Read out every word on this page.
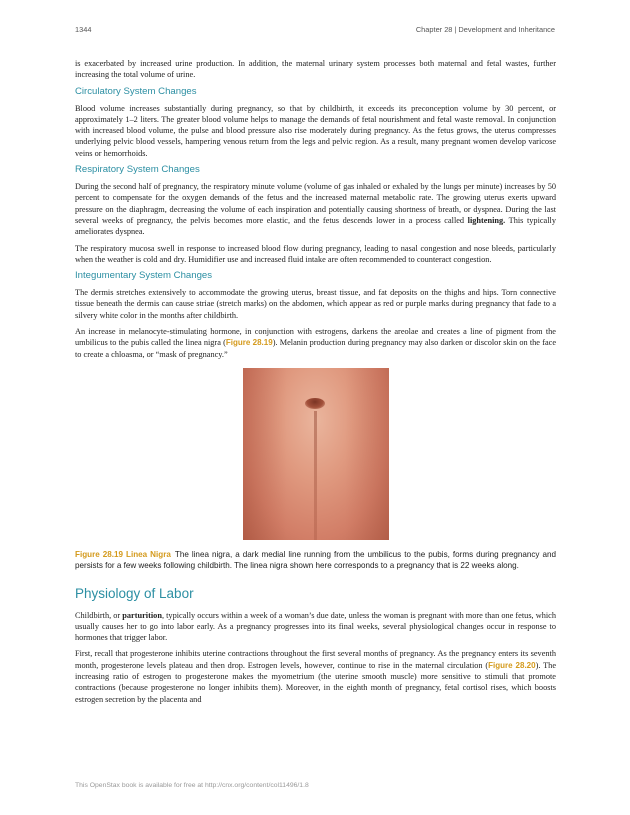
1344	Chapter 28 | Development and Inheritance

is exacerbated by increased urine production. In addition, the maternal urinary system processes both maternal and fetal wastes, further increasing the total volume of urine.

Circulatory System Changes

Blood volume increases substantially during pregnancy, so that by childbirth, it exceeds its preconception volume by 30 percent, or approximately 1–2 liters. The greater blood volume helps to manage the demands of fetal nourishment and fetal waste removal. In conjunction with increased blood volume, the pulse and blood pressure also rise moderately during pregnancy. As the fetus grows, the uterus compresses underlying pelvic blood vessels, hampering venous return from the legs and pelvic region. As a result, many pregnant women develop varicose veins or hemorrhoids.

Respiratory System Changes

During the second half of pregnancy, the respiratory minute volume (volume of gas inhaled or exhaled by the lungs per minute) increases by 50 percent to compensate for the oxygen demands of the fetus and the increased maternal metabolic rate. The growing uterus exerts upward pressure on the diaphragm, decreasing the volume of each inspiration and potentially causing shortness of breath, or dyspnea. During the last several weeks of pregnancy, the pelvis becomes more elastic, and the fetus descends lower in a process called lightening. This typically ameliorates dyspnea.

The respiratory mucosa swell in response to increased blood flow during pregnancy, leading to nasal congestion and nose bleeds, particularly when the weather is cold and dry. Humidifier use and increased fluid intake are often recommended to counteract congestion.

Integumentary System Changes

The dermis stretches extensively to accommodate the growing uterus, breast tissue, and fat deposits on the thighs and hips. Torn connective tissue beneath the dermis can cause striae (stretch marks) on the abdomen, which appear as red or purple marks during pregnancy that fade to a silvery white color in the months after childbirth.

An increase in melanocyte-stimulating hormone, in conjunction with estrogens, darkens the areolae and creates a line of pigment from the umbilicus to the pubis called the linea nigra (Figure 28.19). Melanin production during pregnancy may also darken or discolor skin on the face to create a chloasma, or “mask of pregnancy.”

Figure 28.19 Linea Nigra The linea nigra, a dark medial line running from the umbilicus to the pubis, forms during pregnancy and persists for a few weeks following childbirth. The linea nigra shown here corresponds to a pregnancy that is 22 weeks along.

Physiology of Labor

Childbirth, or parturition, typically occurs within a week of a woman’s due date, unless the woman is pregnant with more than one fetus, which usually causes her to go into labor early. As a pregnancy progresses into its final weeks, several physiological changes occur in response to hormones that trigger labor.

First, recall that progesterone inhibits uterine contractions throughout the first several months of pregnancy. As the pregnancy enters its seventh month, progesterone levels plateau and then drop. Estrogen levels, however, continue to rise in the maternal circulation (Figure 28.20). The increasing ratio of estrogen to progesterone makes the myometrium (the uterine smooth muscle) more sensitive to stimuli that promote contractions (because progesterone no longer inhibits them). Moreover, in the eighth month of pregnancy, fetal cortisol rises, which boosts estrogen secretion by the placenta and

This OpenStax book is available for free at http://cnx.org/content/col11496/1.8
